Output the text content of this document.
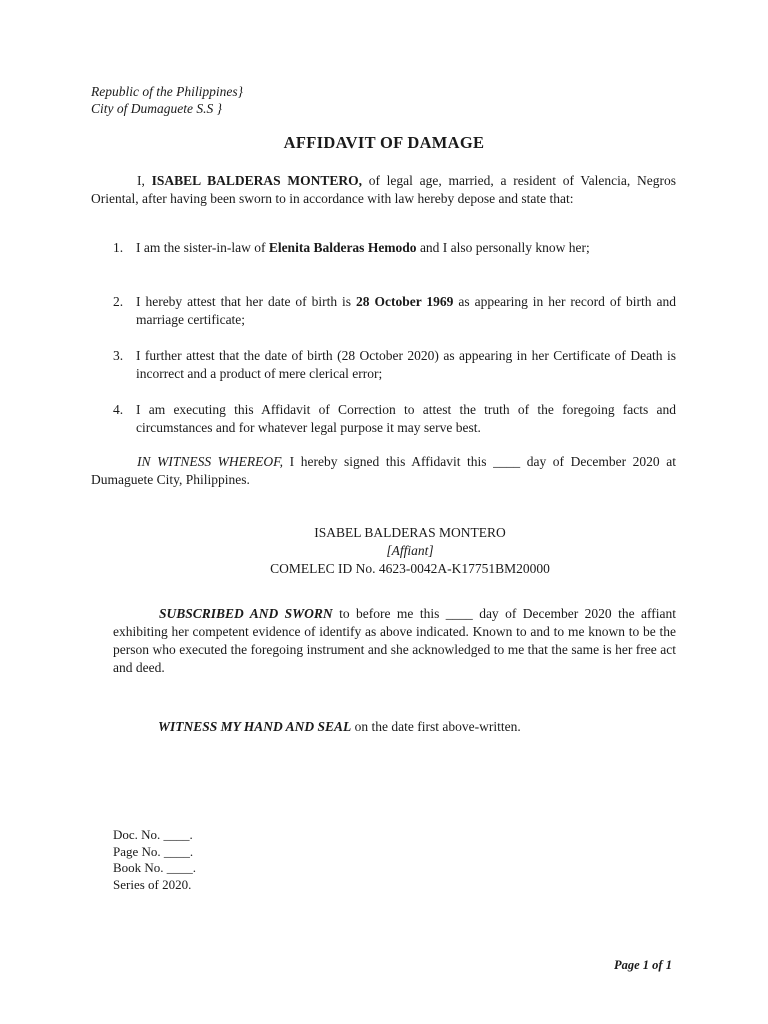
Republic of the Philippines}
City of Dumaguete S.S }
AFFIDAVIT OF DAMAGE
I, ISABEL BALDERAS MONTERO, of legal age, married, a resident of Valencia, Negros Oriental, after having been sworn to in accordance with law hereby depose and state that:
1. I am the sister-in-law of Elenita Balderas Hemodo and I also personally know her;
2. I hereby attest that her date of birth is 28 October 1969 as appearing in her record of birth and marriage certificate;
3. I further attest that the date of birth (28 October 2020) as appearing in her Certificate of Death is incorrect and a product of mere clerical error;
4. I am executing this Affidavit of Correction to attest the truth of the foregoing facts and circumstances and for whatever legal purpose it may serve best.
IN WITNESS WHEREOF, I hereby signed this Affidavit this ____ day of December 2020 at Dumaguete City, Philippines.
ISABEL BALDERAS MONTERO
[Affiant]
COMELEC ID No. 4623-0042A-K17751BM20000
SUBSCRIBED AND SWORN to before me this ____ day of December 2020 the affiant exhibiting her competent evidence of identify as above indicated. Known to and to me known to be the person who executed the foregoing instrument and she acknowledged to me that the same is her free act and deed.
WITNESS MY HAND AND SEAL on the date first above-written.
Doc. No. ____.
Page No. ____.
Book No. ____.
Series of 2020.
Page 1 of 1
